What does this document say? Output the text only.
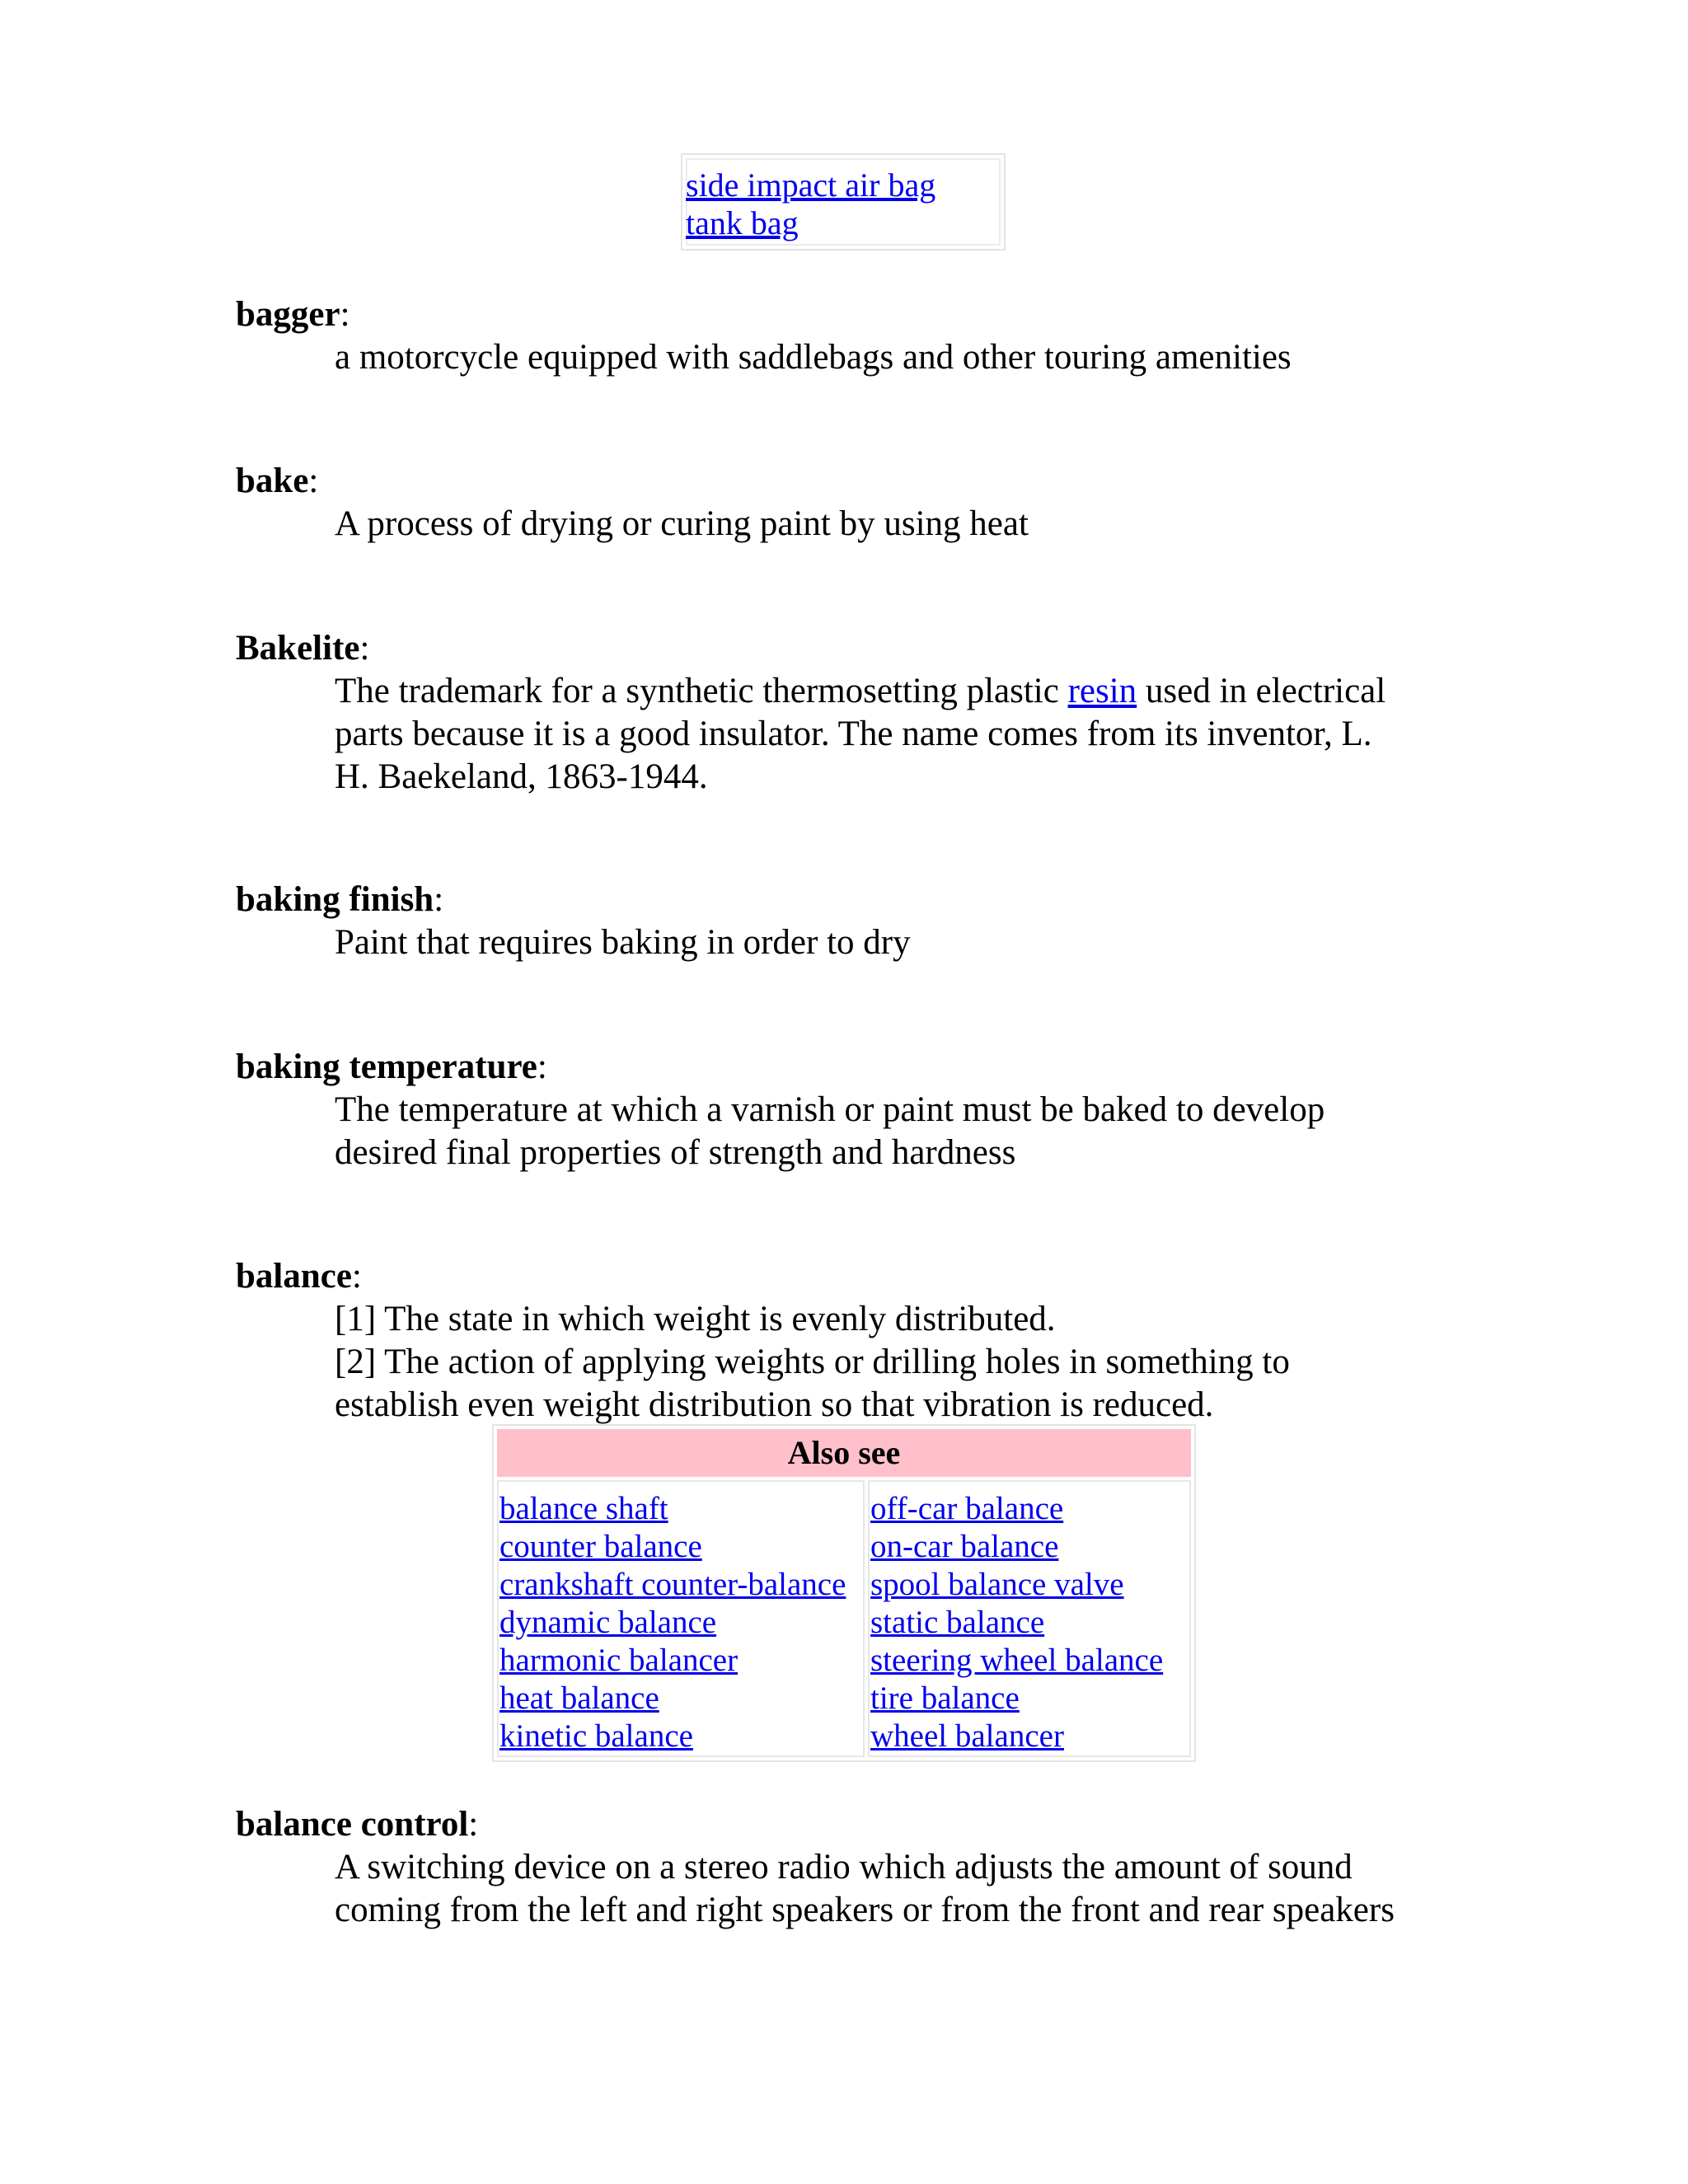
side impact air bag
tank bag
bagger:
a motorcycle equipped with saddlebags and other touring amenities
bake:
A process of drying or curing paint by using heat
Bakelite:
The trademark for a synthetic thermosetting plastic resin used in electrical
parts because it is a good insulator. The name comes from its inventor, L.
H. Baekeland, 1863-1944.
baking finish:
Paint that requires baking in order to dry
baking temperature:
The temperature at which a varnish or paint must be baked to develop
desired final properties of strength and hardness
balance:
[1] The state in which weight is evenly distributed.
[2] The action of applying weights or drilling holes in something to
establish even weight distribution so that vibration is reduced.
Also see
balance shaft
counter balance
crankshaft counter-balance
dynamic balance
harmonic balancer
heat balance
kinetic balance
off-car balance
on-car balance
spool balance valve
static balance
steering wheel balance
tire balance
wheel balancer
balance control:
A switching device on a stereo radio which adjusts the amount of sound
coming from the left and right speakers or from the front and rear speakers
